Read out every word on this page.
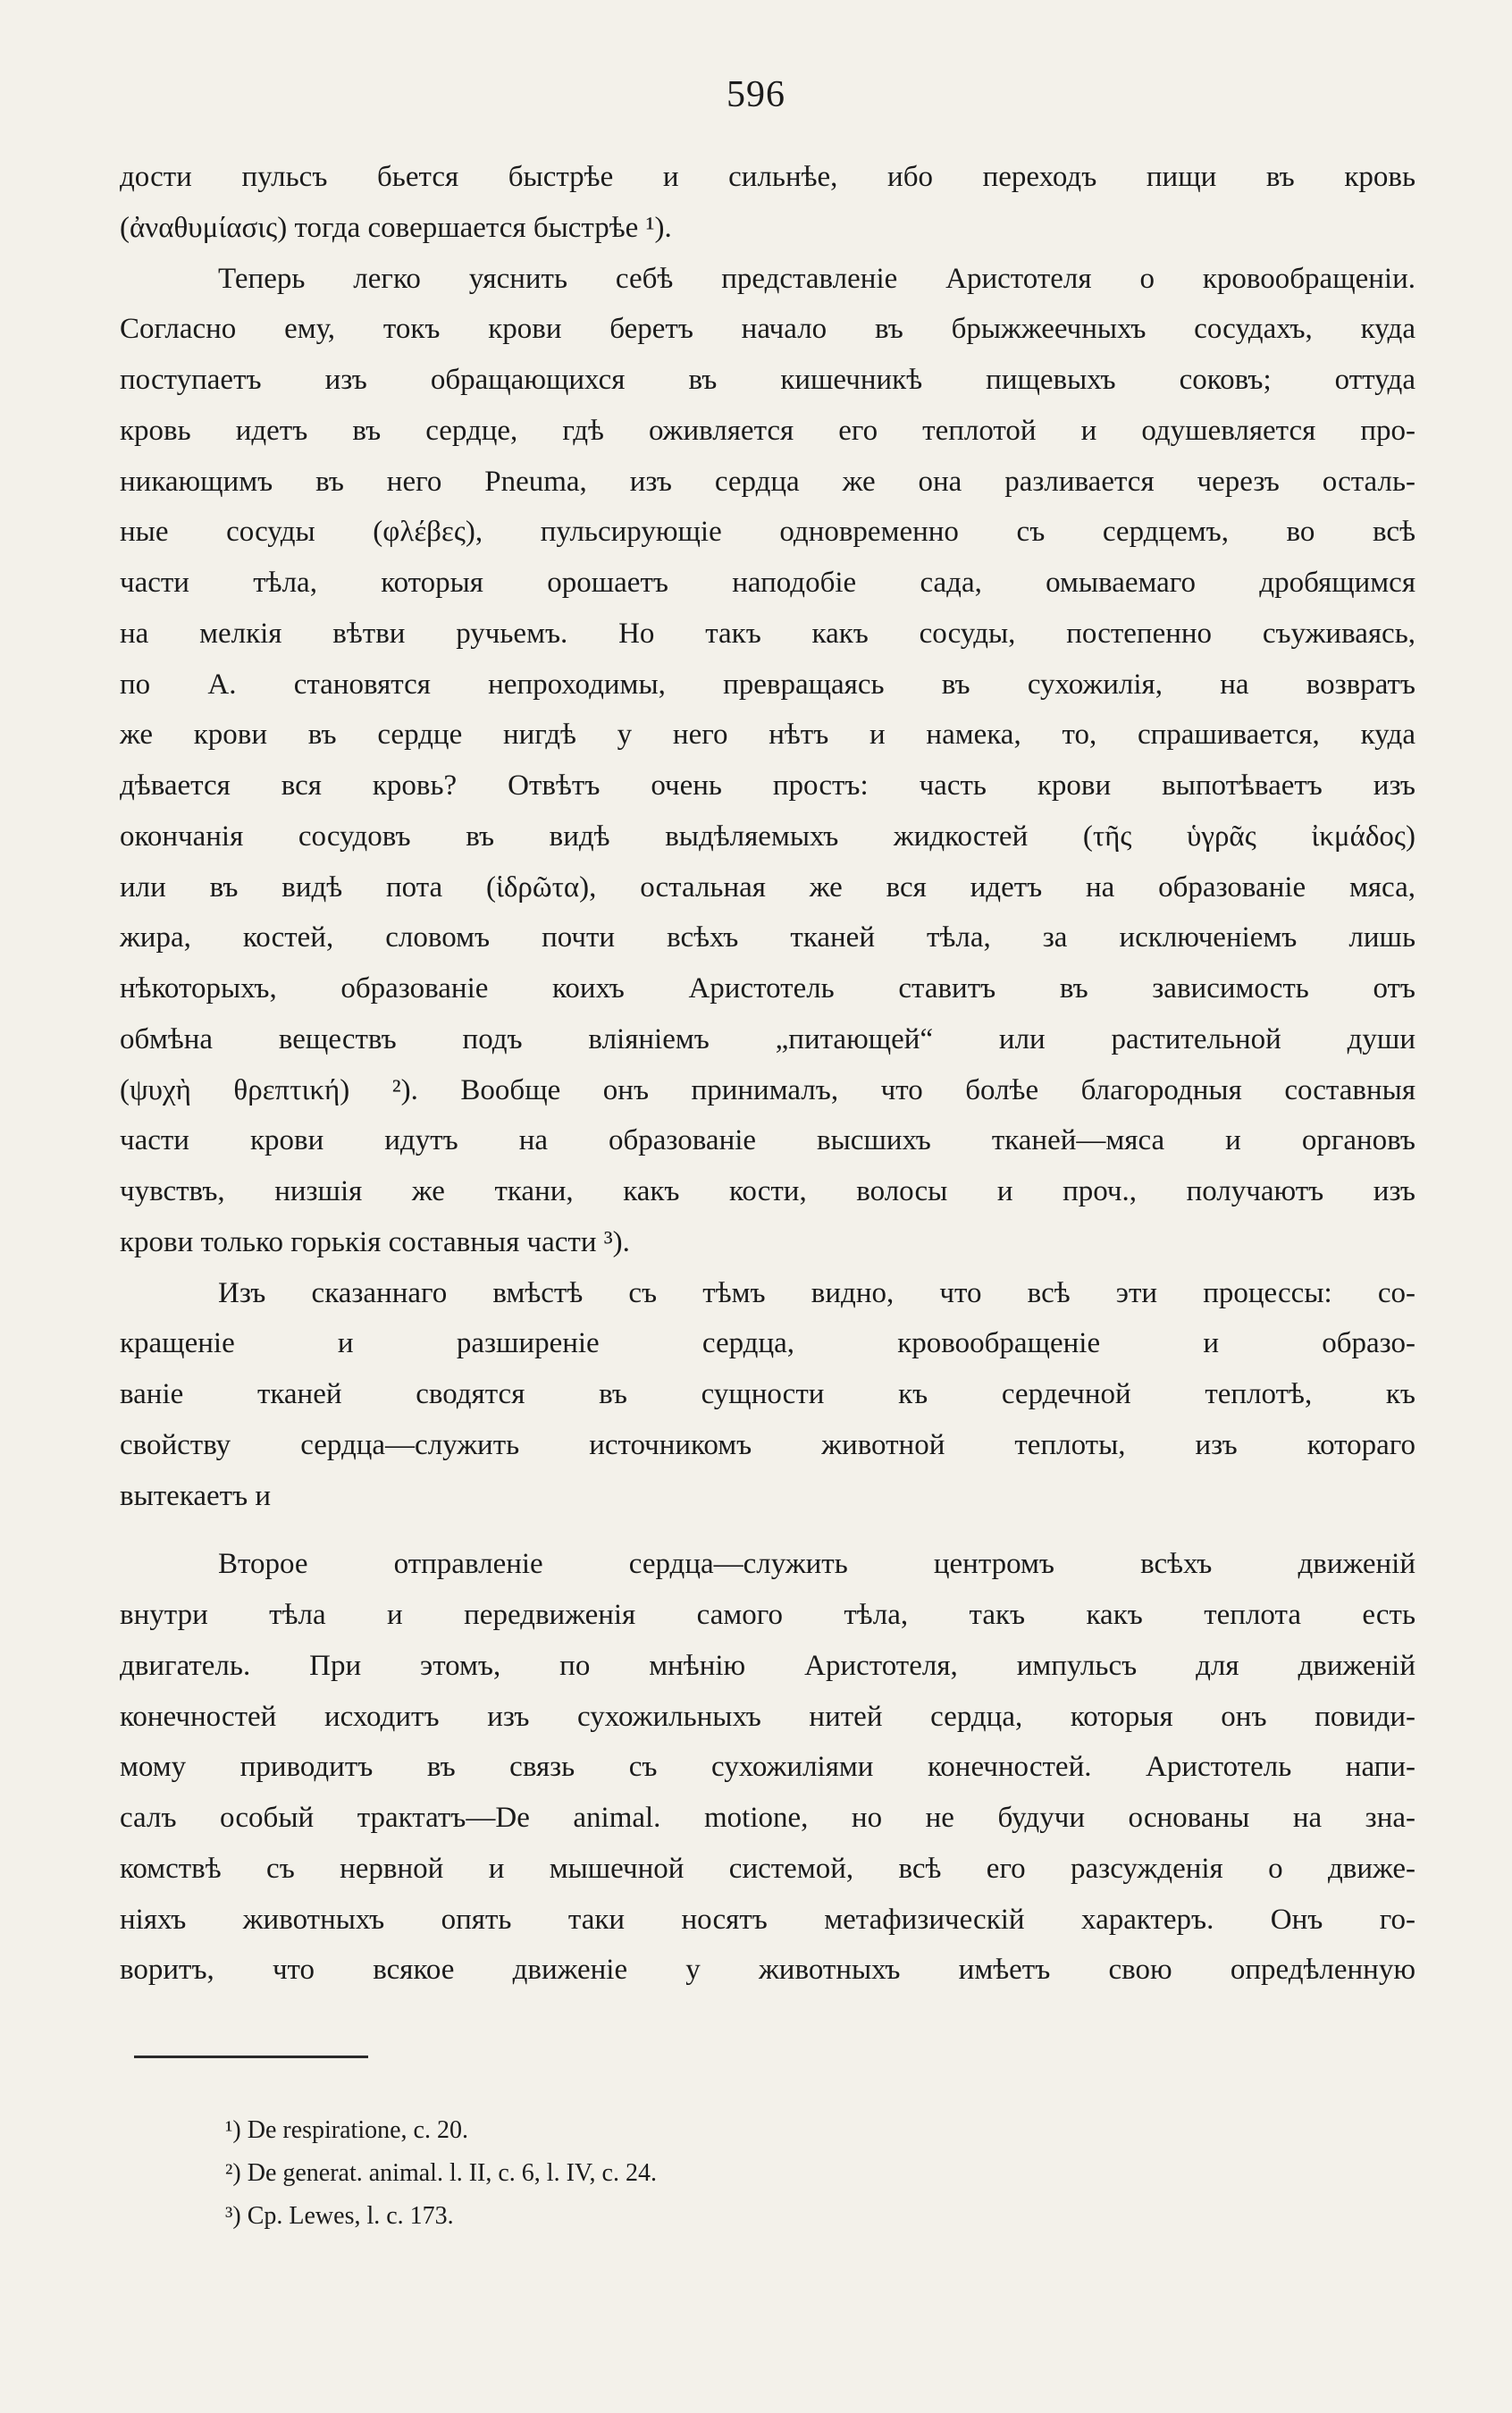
596
дости пульсъ бьется быстрѣе и сильнѣе, ибо переходъ пищи въ кровь
(ἀναθυμίασις) тогда совершается быстрѣе ¹).
Теперь легко уяснить себѣ представленіе Аристотеля о кровообращеніи.
Согласно ему, токъ крови беретъ начало въ брыжжеечныхъ сосудахъ, куда
поступаетъ изъ обращающихся въ кишечникѣ пищевыхъ соковъ; оттуда
кровь идетъ въ сердце, гдѣ оживляется его теплотой и одушевляется про-
никающимъ въ него Pneuma, изъ сердца же она разливается черезъ осталь-
ные сосуды (φλέβες), пульсирующіе одновременно съ сердцемъ, во всѣ
части тѣла, которыя орошаетъ наподобіе сада, омываемаго дробящимся
на мелкія вѣтви ручьемъ. Но такъ какъ сосуды, постепенно съуживаясь,
по А. становятся непроходимы, превращаясь въ сухожилія, на возвратъ
же крови въ сердце нигдѣ у него нѣтъ и намека, то, спрашивается, куда
дѣвается вся кровь? Отвѣтъ очень простъ: часть крови выпотѣваетъ изъ
окончанія сосудовъ въ видѣ выдѣляемыхъ жидкостей (τῆς ὑγρᾶς ἰκμάδος)
или въ видѣ пота (ἱδρῶτα), остальная же вся идетъ на образованіе мяса,
жира, костей, словомъ почти всѣхъ тканей тѣла, за исключеніемъ лишь
нѣкоторыхъ, образованіе коихъ Аристотель ставитъ въ зависимость отъ
обмѣна веществъ подъ вліяніемъ „питающей“ или растительной души
(ψυχὴ θρεπτική) ²). Вообще онъ принималъ, что болѣе благородныя составныя
части крови идутъ на образованіе высшихъ тканей—мяса и органовъ
чувствъ, низшія же ткани, какъ кости, волосы и проч., получаютъ изъ
крови только горькія составныя части ³).
Изъ сказаннаго вмѣстѣ съ тѣмъ видно, что всѣ эти процессы: со-
кращеніе и разширеніе сердца, кровообращеніе и образо-
ваніе тканей сводятся въ сущности къ сердечной теплотѣ, къ
свойству сердца—служить источникомъ животной теплоты, изъ котораго
вытекаетъ и
Второе отправленіе сердца—служить центромъ всѣхъ движеній
внутри тѣла и передвиженія самого тѣла, такъ какъ теплота есть
двигатель. При этомъ, по мнѣнію Аристотеля, импульсъ для движеній
конечностей исходитъ изъ сухожильныхъ нитей сердца, которыя онъ повиди-
мому приводитъ въ связь съ сухожиліями конечностей. Аристотель напи-
салъ особый трактатъ—De animal. motione, но не будучи основаны на зна-
комствѣ съ нервной и мышечной системой, всѣ его разсужденія о движе-
ніяхъ животныхъ опять таки носятъ метафизическій характеръ. Онъ го-
воритъ, что всякое движеніе у животныхъ имѣетъ свою опредѣленную
¹) De respiratione, c. 20.
²) De generat. animal. l. II, c. 6, l. IV, c. 24.
³) Cp. Lewes, l. c. 173.
